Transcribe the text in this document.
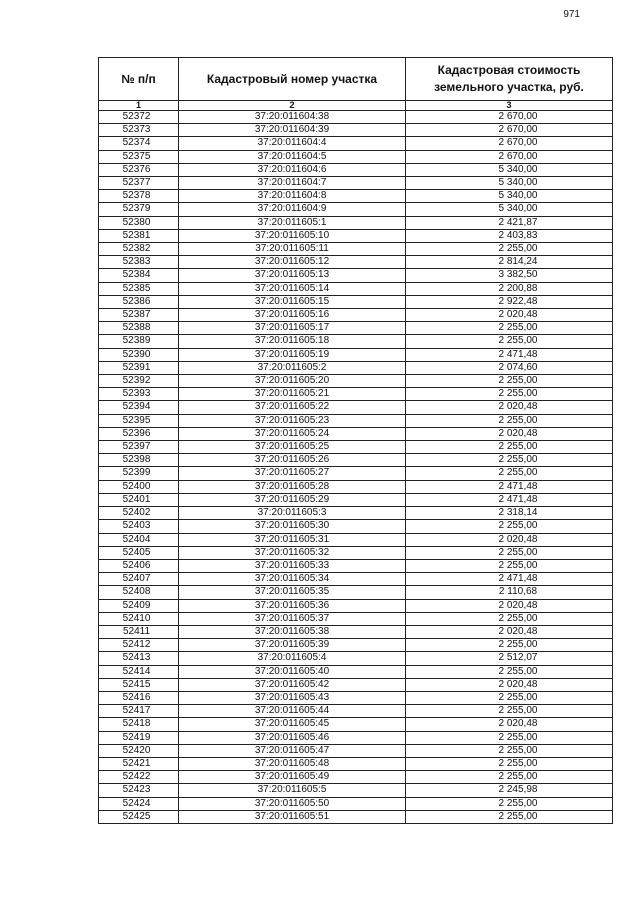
971
№ п/п	Кадастровый номер участка	Кадастровая стоимость земельного участка, руб.
1	2	3
52372	37:20:011604:38	2 670,00
52373	37:20:011604:39	2 670,00
52374	37:20:011604:4	2 670,00
52375	37:20:011604:5	2 670,00
52376	37:20:011604:6	5 340,00
52377	37:20:011604:7	5 340,00
52378	37:20:011604:8	5 340,00
52379	37:20:011604:9	5 340,00
52380	37:20:011605:1	2 421,87
52381	37:20:011605:10	2 403,83
52382	37:20:011605:11	2 255,00
52383	37:20:011605:12	2 814,24
52384	37:20:011605:13	3 382,50
52385	37:20:011605:14	2 200,88
52386	37:20:011605:15	2 922,48
52387	37:20:011605:16	2 020,48
52388	37:20:011605:17	2 255,00
52389	37:20:011605:18	2 255,00
52390	37:20:011605:19	2 471,48
52391	37:20:011605:2	2 074,60
52392	37:20:011605:20	2 255,00
52393	37:20:011605:21	2 255,00
52394	37:20:011605:22	2 020,48
52395	37:20:011605:23	2 255,00
52396	37:20:011605:24	2 020,48
52397	37:20:011605:25	2 255,00
52398	37:20:011605:26	2 255,00
52399	37:20:011605:27	2 255,00
52400	37:20:011605:28	2 471,48
52401	37:20:011605:29	2 471,48
52402	37:20:011605:3	2 318,14
52403	37:20:011605:30	2 255,00
52404	37:20:011605:31	2 020,48
52405	37:20:011605:32	2 255,00
52406	37:20:011605:33	2 255,00
52407	37:20:011605:34	2 471,48
52408	37:20:011605:35	2 110,68
52409	37:20:011605:36	2 020,48
52410	37:20:011605:37	2 255,00
52411	37:20:011605:38	2 020,48
52412	37:20:011605:39	2 255,00
52413	37:20:011605:4	2 512,07
52414	37:20:011605:40	2 255,00
52415	37:20:011605:42	2 020,48
52416	37:20:011605:43	2 255,00
52417	37:20:011605:44	2 255,00
52418	37:20:011605:45	2 020,48
52419	37:20:011605:46	2 255,00
52420	37:20:011605:47	2 255,00
52421	37:20:011605:48	2 255,00
52422	37:20:011605:49	2 255,00
52423	37:20:011605:5	2 245,98
52424	37:20:011605:50	2 255,00
52425	37:20:011605:51	2 255,00
